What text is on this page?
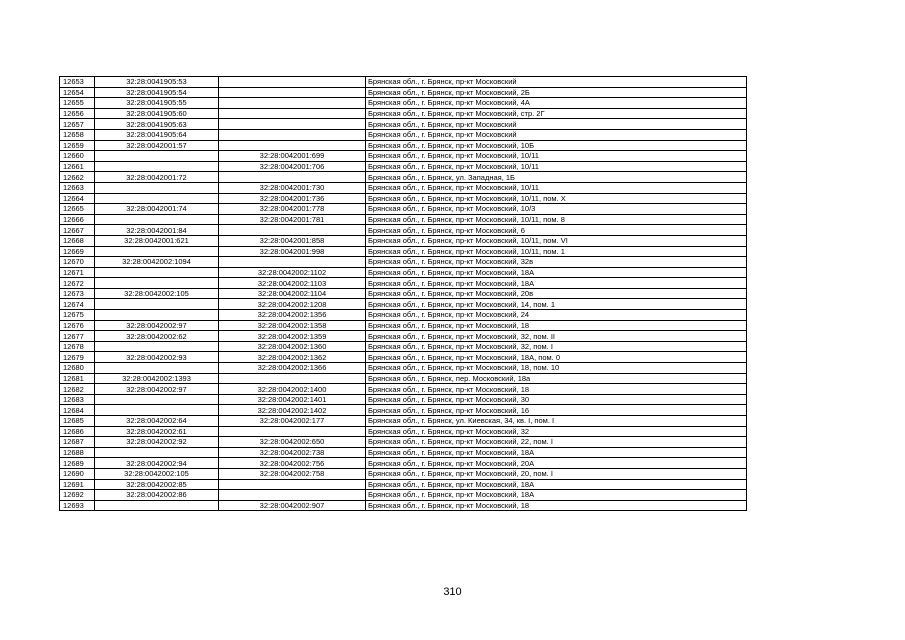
12653	32:28:0041905:53		Брянская обл., г. Брянск, пр-кт Московский
12654	32:28:0041905:54		Брянская обл., г. Брянск, пр-кт Московский, 2Б
12655	32:28:0041905:55		Брянская обл., г. Брянск, пр-кт Московский, 4А
12656	32:28:0041905:60		Брянская обл., г. Брянск, пр-кт Московский, стр. 2Г
12657	32:28:0041905:63		Брянская обл., г. Брянск, пр-кт Московский
12658	32:28:0041905:64		Брянская обл., г. Брянск, пр-кт Московский
12659	32:28:0042001:57		Брянская обл., г. Брянск, пр-кт Московский, 10Б
12660		32:28:0042001:699	Брянская обл., г. Брянск, пр-кт Московский, 10/11
12661		32:28:0042001:706	Брянская обл., г. Брянск, пр-кт Московский, 10/11
12662	32:28:0042001:72		Брянская обл., г. Брянск, ул. Западная, 1Б
12663		32:28:0042001:730	Брянская обл., г. Брянск, пр-кт Московский, 10/11
12664		32:28:0042001:736	Брянская обл., г. Брянск, пр-кт Московский, 10/11, пом. X
12665	32:28:0042001:74	32:28:0042001:778	Брянская обл., г. Брянск, пр-кт Московский, 10/3
12666		32:28:0042001:781	Брянская обл., г. Брянск, пр-кт Московский, 10/11, пом. 8
12667	32:28:0042001:84		Брянская обл., г. Брянск, пр-кт Московский, 6
12668	32:28:0042001:621	32:28:0042001:858	Брянская обл., г. Брянск, пр-кт Московский, 10/11, пом. VI
12669		32:28:0042001:998	Брянская обл., г. Брянск, пр-кт Московский, 10/11, пом. 1
12670	32:28:0042002:1094		Брянская обл., г. Брянск, пр-кт Московский, 32в
12671		32:28:0042002:1102	Брянская обл., г. Брянск, пр-кт Московский, 18А
12672		32:28:0042002:1103	Брянская обл., г. Брянск, пр-кт Московский, 18А
12673	32:28:0042002:105	32:28:0042002:1104	Брянская обл., г. Брянск, пр-кт Московский, 20в
12674		32:28:0042002:1208	Брянская обл., г. Брянск, пр-кт Московский, 14, пом. 1
12675		32:28:0042002:1356	Брянская обл., г. Брянск, пр-кт Московский, 24
12676	32:28:0042002:97	32:28:0042002:1358	Брянская обл., г. Брянск, пр-кт Московский, 18
12677	32:28:0042002:62	32:28:0042002:1359	Брянская обл., г. Брянск, пр-кт Московский, 32, пом. II
12678		32:28:0042002:1360	Брянская обл., г. Брянск, пр-кт Московский, 32, пом. I
12679	32:28:0042002:93	32:28:0042002:1362	Брянская обл., г. Брянск, пр-кт Московский, 18А, пом. 0
12680		32:28:0042002:1366	Брянская обл., г. Брянск, пр-кт Московский, 18, пом. 10
12681	32:28:0042002:1393		Брянская обл., г. Брянск, пер. Московский, 18а
12682	32:28:0042002:97	32:28:0042002:1400	Брянская обл., г. Брянск, пр-кт Московский, 18
12683		32:28:0042002:1401	Брянская обл., г. Брянск, пр-кт Московский, 30
12684		32:28:0042002:1402	Брянская обл., г. Брянск, пр-кт Московский, 16
12685	32:28:0042002:64	32:28:0042002:177	Брянская обл., г. Брянск, ул. Киевская, 34, кв. I, пом. I
12686	32:28:0042002:61		Брянская обл., г. Брянск, пр-кт Московский, 32
12687	32:28:0042002:92	32:28:0042002:650	Брянская обл., г. Брянск, пр-кт Московский, 22, пом. I
12688		32:28:0042002:738	Брянская обл., г. Брянск, пр-кт Московский, 18А
12689	32:28:0042002:94	32:28:0042002:756	Брянская обл., г. Брянск, пр-кт Московский, 20А
12690	32:28:0042002:105	32:28:0042002:758	Брянская обл., г. Брянск, пр-кт Московский, 20, пом. I
12691	32:28:0042002:85		Брянская обл., г. Брянск, пр-кт Московский, 18А
12692	32:28:0042002:86		Брянская обл., г. Брянск, пр-кт Московский, 18А
12693		32:28:0042002:907	Брянская обл., г. Брянск, пр-кт Московский, 18
310
